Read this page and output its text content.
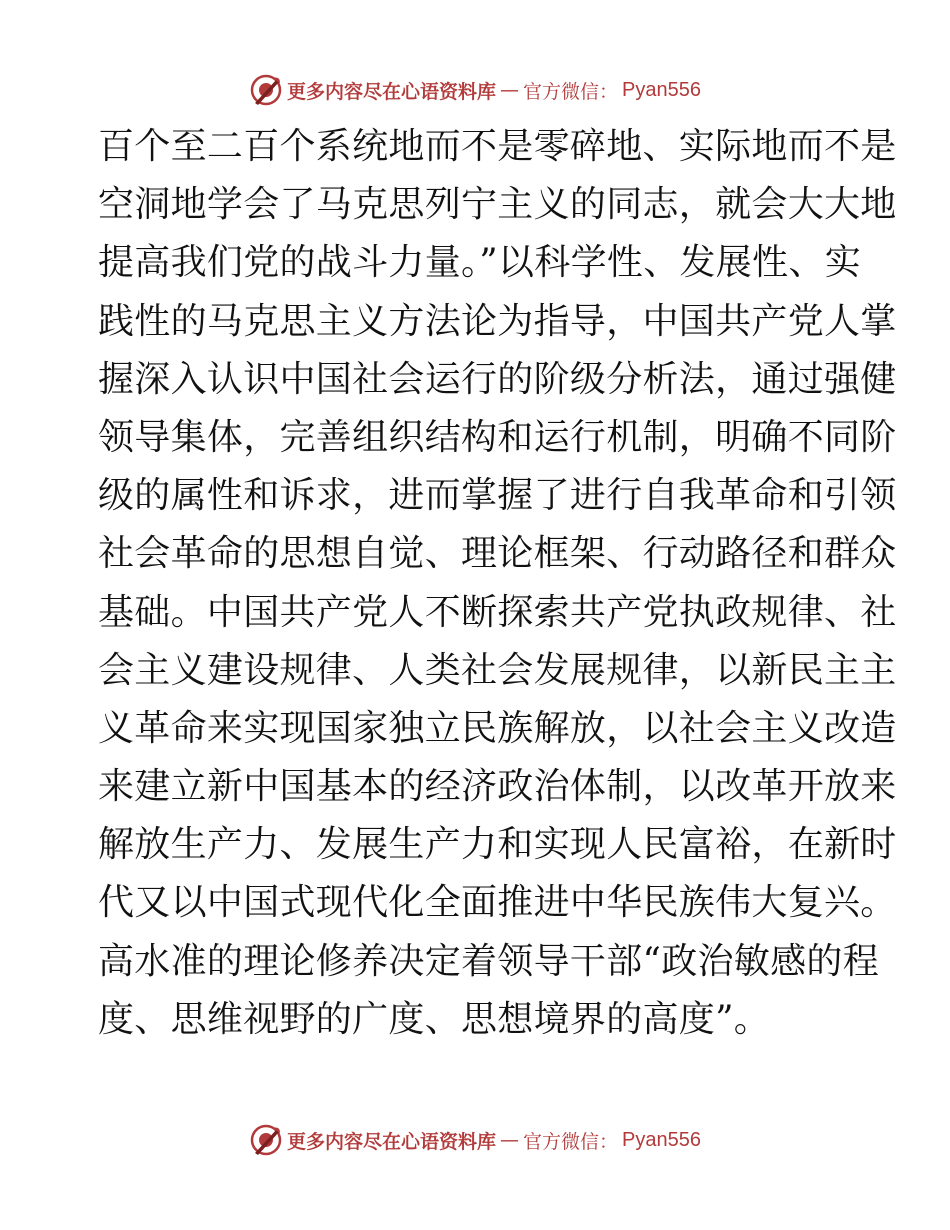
更多内容尽在心语资料库 — 官方微信： Pyan556
百个至二百个系统地而不是零碎地、实际地而不是
空洞地学会了马克思列宁主义的同志，就会大大地
提高我们党的战斗力量。”以科学性、发展性、实
践性的马克思主义方法论为指导，中国共产党人掌
握深入认识中国社会运行的阶级分析法，通过强健
领导集体，完善组织结构和运行机制，明确不同阶
级的属性和诉求，进而掌握了进行自我革命和引领
社会革命的思想自觉、理论框架、行动路径和群众
基础。中国共产党人不断探索共产党执政规律、社
会主义建设规律、人类社会发展规律，以新民主主
义革命来实现国家独立民族解放，以社会主义改造
来建立新中国基本的经济政治体制，以改革开放来
解放生产力、发展生产力和实现人民富裕，在新时
代又以中国式现代化全面推进中华民族伟大复兴。
高水准的理论修养决定着领导干部“政治敏感的程
度、思维视野的广度、思想境界的高度”。
更多内容尽在心语资料库 — 官方微信： Pyan556
